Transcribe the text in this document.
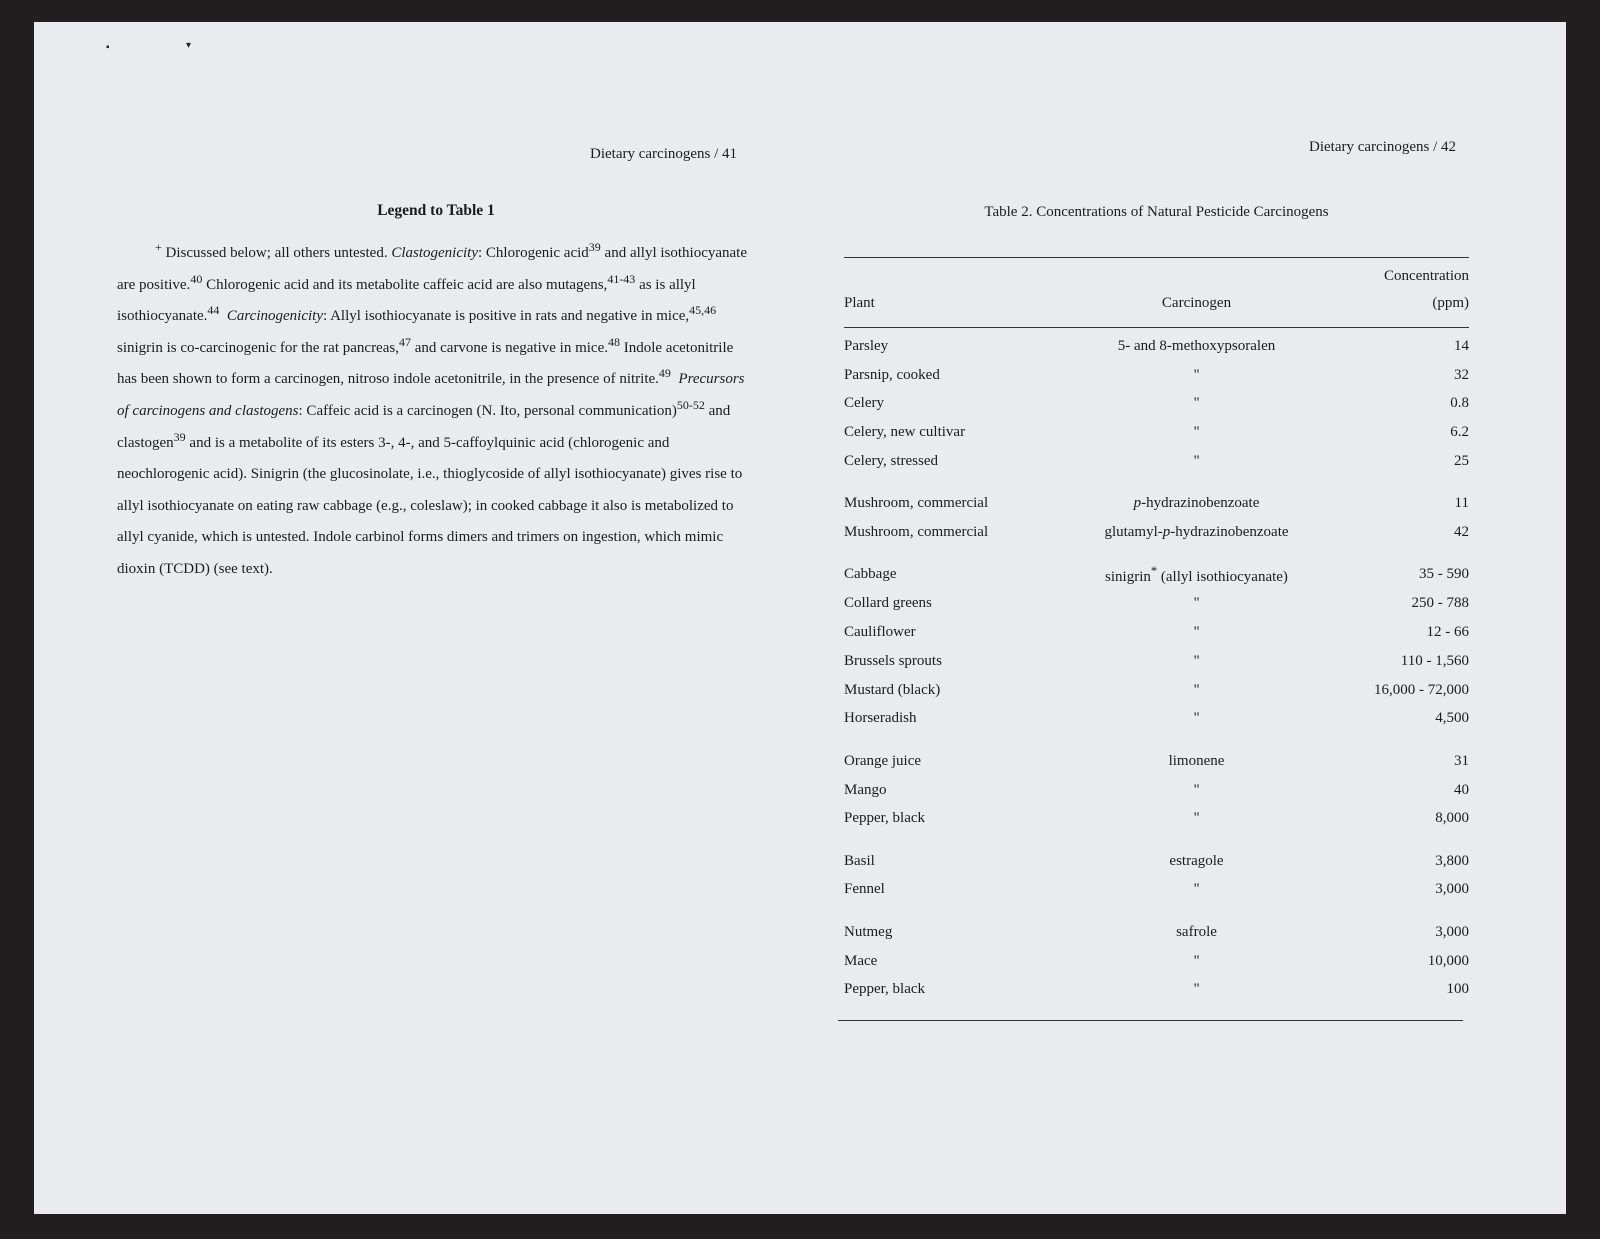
▪	▾
Dietary carcinogens / 41
Legend to Table 1
+ Discussed below; all others untested. Clastogenicity: Chlorogenic acid$^{39}$ and allyl isothiocyanate are positive.$^{40}$ Chlorogenic acid and its metabolite caffeic acid are also mutagens,$^{41-43}$ as is allyl isothiocyanate.$^{44}$ Carcinogenicity: Allyl isothiocyanate is positive in rats and negative in mice,$^{45,46}$ sinigrin is co-carcinogenic for the rat pancreas,$^{47}$ and carvone is negative in mice.$^{48}$ Indole acetonitrile has been shown to form a carcinogen, nitroso indole acetonitrile, in the presence of nitrite.$^{49}$ Precursors of carcinogens and clastogens: Caffeic acid is a carcinogen (N. Ito, personal communication)$^{50-52}$ and clastogen$^{39}$ and is a metabolite of its esters 3-, 4-, and 5-caffoylquinic acid (chlorogenic and neochlorogenic acid). Sinigrin (the glucosinolate, i.e., thioglycoside of allyl isothiocyanate) gives rise to allyl isothiocyanate on eating raw cabbage (e.g., coleslaw); in cooked cabbage it also is metabolized to allyl cyanide, which is untested. Indole carbinol forms dimers and trimers on ingestion, which mimic dioxin (TCDD) (see text).
Dietary carcinogens / 42
Table 2. Concentrations of Natural Pesticide Carcinogens
		Concentration
Plant	Carcinogen	(ppm)

Parsley	5- and 8-methoxypsoralen	14
Parsnip, cooked	"	32
Celery	"	0.8
Celery, new cultivar	"	6.2
Celery, stressed	"	25

Mushroom, commercial	p-hydrazinobenzoate	11
Mushroom, commercial	glutamyl-p-hydrazinobenzoate	42

Cabbage	sinigrin* (allyl isothiocyanate)	35 - 590
Collard greens	"	250 - 788
Cauliflower	"	12 - 66
Brussels sprouts	"	110 - 1,560
Mustard (black)	"	16,000 - 72,000
Horseradish	"	4,500

Orange juice	limonene	31
Mango	"	40
Pepper, black	"	8,000

Basil	estragole	3,800
Fennel	"	3,000

Nutmeg	safrole	3,000
Mace	"	10,000
Pepper, black	"	100
